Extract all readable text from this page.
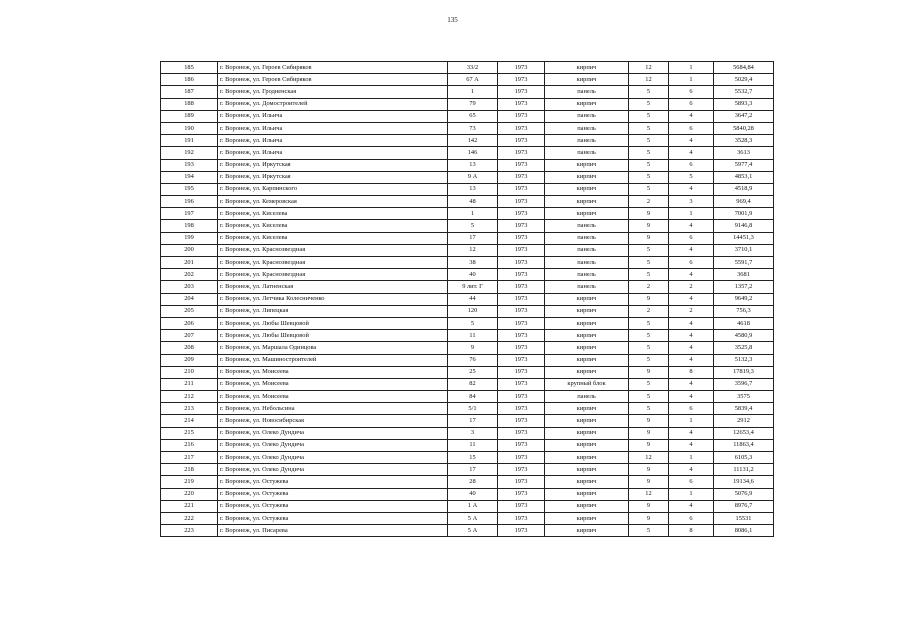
135
185	г. Воронеж, ул. Героев Сибиряков	33/2	1973	кирпич	12	1	5684,84
186	г. Воронеж, ул. Героев Сибиряков	67 А	1973	кирпич	12	1	5029,4
187	г. Воронеж, ул. Гродненская	1	1973	панель	5	6	5532,7
188	г. Воронеж, ул. Домостроителей	79	1973	кирпич	5	6	5893,3
189	г. Воронеж, ул. Ильича	65	1973	панель	5	4	3647,2
190	г. Воронеж, ул. Ильича	73	1973	панель	5	6	5840,28
191	г. Воронеж, ул. Ильича	142	1973	панель	5	4	3528,3
192	г. Воронеж, ул. Ильича	146	1973	панель	5	4	3613
193	г. Воронеж, ул. Иркутская	13	1973	кирпич	5	6	5977,4
194	г. Воронеж, ул. Иркутская	9 А	1973	кирпич	5	5	4853,1
195	г. Воронеж, ул. Карпинского	13	1973	кирпич	5	4	4518,9
196	г. Воронеж, ул. Кемеровская	48	1973	кирпич	2	3	969,4
197	г. Воронеж, ул. Киселева	1	1973	кирпич	9	1	7001,9
198	г. Воронеж, ул. Киселева	5	1973	панель	9	4	9146,8
199	г. Воронеж, ул. Киселева	17	1973	панель	9	6	14451,3
200	г. Воронеж, ул. Краснозвездная	12	1973	панель	5	4	3710,1
201	г. Воронеж, ул. Краснозвездная	38	1973	панель	5	6	5591,7
202	г. Воронеж, ул. Краснозвездная	40	1973	панель	5	4	3681
203	г. Воронеж, ул. Латненская	9 лит. Г	1973	панель	2	2	1357,2
204	г. Воронеж, ул. Летчика Колесниченко	44	1973	кирпич	9	4	9649,2
205	г. Воронеж, ул. Липецкая	120	1973	кирпич	2	2	756,3
206	г. Воронеж, ул. Любы Шевцовой	5	1973	кирпич	5	4	4618
207	г. Воронеж, ул. Любы Шевцовой	11	1973	кирпич	5	4	4580,9
208	г. Воронеж, ул. Маршала Одинцова	9	1973	кирпич	5	4	3525,8
209	г. Воронеж, ул. Машиностроителей	76	1973	кирпич	5	4	5132,3
210	г. Воронеж, ул. Моисеева	25	1973	кирпич	9	8	17819,3
211	г. Воронеж, ул. Моисеева	82	1973	крупный блок	5	4	3596,7
212	г. Воронеж, ул. Моисеева	84	1973	панель	5	4	3575
213	г. Воронеж, ул. Небольсина	5/1	1973	кирпич	5	6	5839,4
214	г. Воронеж, ул. Новосибирская	17	1973	кирпич	9	1	2912
215	г. Воронеж, ул. Олеко Дундича	3	1973	кирпич	9	4	12653,4
216	г. Воронеж, ул. Олеко Дундича	11	1973	кирпич	9	4	11863,4
217	г. Воронеж, ул. Олеко Дундича	15	1973	кирпич	12	1	6105,3
218	г. Воронеж, ул. Олеко Дундича	17	1973	кирпич	9	4	11131,2
219	г. Воронеж, ул. Остужева	28	1973	кирпич	9	6	19134,6
220	г. Воронеж, ул. Остужева	40	1973	кирпич	12	1	5076,9
221	г. Воронеж, ул. Остужева	1 А	1973	кирпич	9	4	8976,7
222	г. Воронеж, ул. Остужева	5 А	1973	кирпич	9	6	15531
223	г. Воронеж, ул. Писарева	5 А	1973	кирпич	5	8	8086,1
